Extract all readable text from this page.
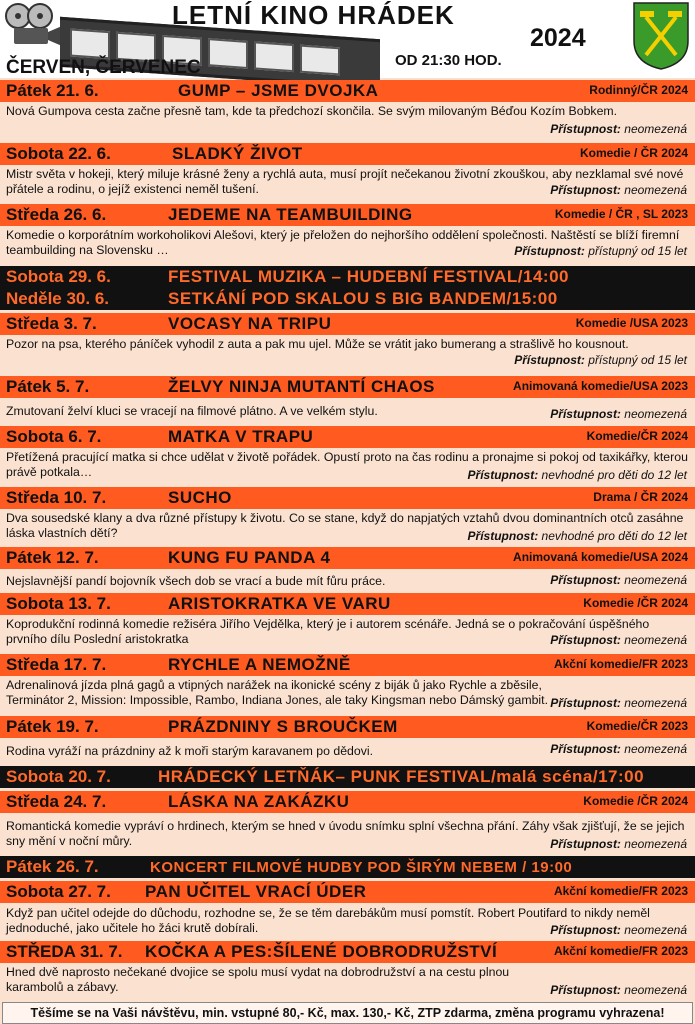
LETNÍ KINO HRÁDEK
2024
ČERVEN, ČERVENEC	OD 21:30 HOD.
Pátek 21. 6.	GUMP – JSME DVOJKA	Rodinný/ČR 2024
Nová Gumpova cesta začne přesně tam, kde ta předchozí skončila. Se svým milovaným Béďou Kozím Bobkem.
Přístupnost: neomezená
Sobota 22. 6.	SLADKÝ ŽIVOT	Komedie / ČR 2024
Mistr světa v hokeji, který miluje krásné ženy a rychlá auta, musí projít nečekanou životní zkouškou, aby nezklamal své nové přátele a rodinu, o jejíž existenci neměl tušení.	Přístupnost: neomezená
Středa 26. 6.	JEDEME NA TEAMBUILDING	Komedie / ČR , SL 2023
Komedie o korporátním workoholikovi Alešovi, který je přeložen do nejhoršího oddělení společnosti. Naštěstí se blíží firemní teambuilding na Slovensku …	Přístupnost: přístupný od 15 let
Sobota 29. 6.	FESTIVAL MUZIKA – HUDEBNÍ FESTIVAL/14:00
Neděle 30. 6.	SETKÁNÍ POD SKALOU S BIG BANDEM/15:00
Středa 3. 7.	VOCASY NA TRIPU	Komedie /USA 2023
Pozor na psa, kterého páníček vyhodil z auta a pak mu ujel. Může se vrátit jako bumerang a strašlivě ho kousnout.
Přístupnost: přístupný od 15 let
Pátek 5. 7.	ŽELVY NINJA MUTANTÍ CHAOS	Animovaná komedie/USA 2023
Zmutovaní želví kluci se vracejí na filmové plátno. A ve velkém stylu.	Přístupnost: neomezená
Sobota 6. 7.	MATKA V TRAPU	Komedie/ČR 2024
Přetížená pracující matka si chce udělat v životě pořádek. Opustí proto na čas rodinu a pronajme si pokoj od taxikářky, kterou právě potkala…	Přístupnost: nevhodné pro děti do 12 let
Středa 10. 7.	SUCHO	Drama / ČR 2024
Dva sousedské klany a dva různé přístupy k životu. Co se stane, když do napjatých vztahů dvou dominantních otců zasáhne láska vlastních dětí?	Přístupnost: nevhodné pro děti do 12 let
Pátek 12. 7.	KUNG FU PANDA 4	Animovaná komedie/USA 2024
Nejslavnější pandí bojovník všech dob se vrací a bude mít fůru práce.	Přístupnost: neomezená
Sobota 13. 7.	ARISTOKRATKA VE VARU	Komedie /ČR 2024
Koprodukční rodinná komedie režiséra Jiřího Vejdělka, který je i autorem scénáře. Jedná se o pokračování úspěšného prvního dílu Poslední aristokratka	Přístupnost: neomezená
Středa 17. 7.	RYCHLE A NEMOŽNĚ	Akční komedie/FR 2023
Adrenalinová jízda plná gagů a vtipných narážek na ikonické scény z biják ů jako Rychle a zběsile, Terminátor 2, Mission: Impossible, Rambo, Indiana Jones, ale taky Kingsman nebo Dámský gambit. Přístupnost: neomezená
Pátek 19. 7.	PRÁZDNINY S BROUČKEM	Komedie/ČR 2023
Rodina vyráží na prázdniny až k moři starým karavanem po dědovi.	Přístupnost: neomezená
Sobota 20. 7.	HRÁDECKÝ LETŇÁK– PUNK FESTIVAL/malá scéna/17:00
Středa 24. 7.	LÁSKA NA ZAKÁZKU	Komedie /ČR 2024
Romantická komedie vypráví o hrdinech, kterým se hned v úvodu snímku splní všechna přání. Záhy však zjišťují, že se jejich sny mění v noční můry.	Přístupnost: neomezená
Pátek 26. 7.	KONCERT FILMOVÉ HUDBY POD ŠIRÝM NEBEM / 19:00
Sobota 27. 7. PAN UČITEL VRACÍ ÚDER	Akční komedie/FR 2023
Když pan učitel odejde do důchodu, rozhodne se, že se těm darebákům musí pomstít. Robert Poutifard to nikdy neměl jednoduché, jako učitele ho žáci krutě dobírali.	Přístupnost: neomezená
STŘEDA 31. 7. KOČKA A PES:ŠÍLENÉ DOBRODRUŽSTVÍ	Akční komedie/FR 2023
Hned dvě naprosto nečekané dvojice se spolu musí vydat na dobrodružství a na cestu plnou karambolů a zábavy.	Přístupnost: neomezená
Těšíme se na Vaši návštěvu, min. vstupné 80,- Kč, max. 130,- Kč, ZTP zdarma, změna programu vyhrazena!
